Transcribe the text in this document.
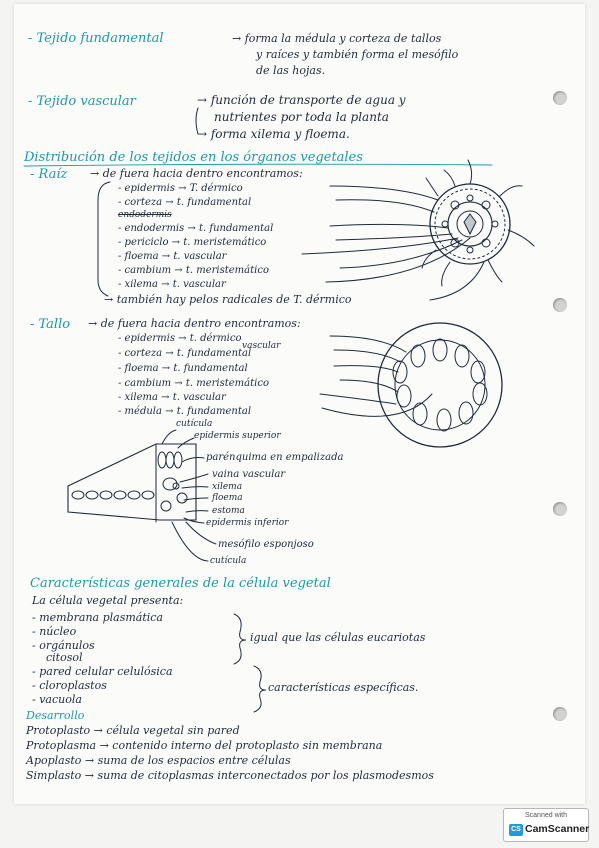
- Tejido fundamental	→ forma la médula y corteza de tallos
y raíces y también forma el mesófilo
de las hojas.
- Tejido vascular	→ función de transporte de agua y
nutrientes por toda la planta
→ forma xilema y floema.
Distribución de los tejidos en los órganos vegetales
- Raíz → de fuera hacia dentro encontramos:
- epidermis → T. dérmico
- corteza → t. fundamental
endodermis
- endodermis → t. fundamental
- periciclo → t. meristemático
- floema → t. vascular
- cambium → t. meristemático
- xilema → t. vascular
→ también hay pelos radicales de T. dérmico
- Tallo → de fuera hacia dentro encontramos:
- epidermis → t. dérmico
- corteza → t. fundamental
vascular
- floema → t. fundamental
- cambium → t. meristemático
- xilema → t. vascular
- médula → t. fundamental
cutícula
epidermis superior
parénquima en empalizada
vaina vascular
xilema
floema
estoma
epidermis inferior
mesófilo esponjoso
cutícula
Características generales de la célula vegetal
La célula vegetal presenta:
- membrana plasmática
- núcleo
- orgánulos
citosol
igual que las células eucariotas
- pared celular celulósica
- cloroplastos
- vacuola
características específicas.
Desarrollo
Protoplasto → célula vegetal sin pared
Protoplasma → contenido interno del protoplasto sin membrana
Apoplasto → suma de los espacios entre células
Simplasto → suma de citoplasmas interconectados por los plasmodesmos
Scanned with
CS CamScanner
